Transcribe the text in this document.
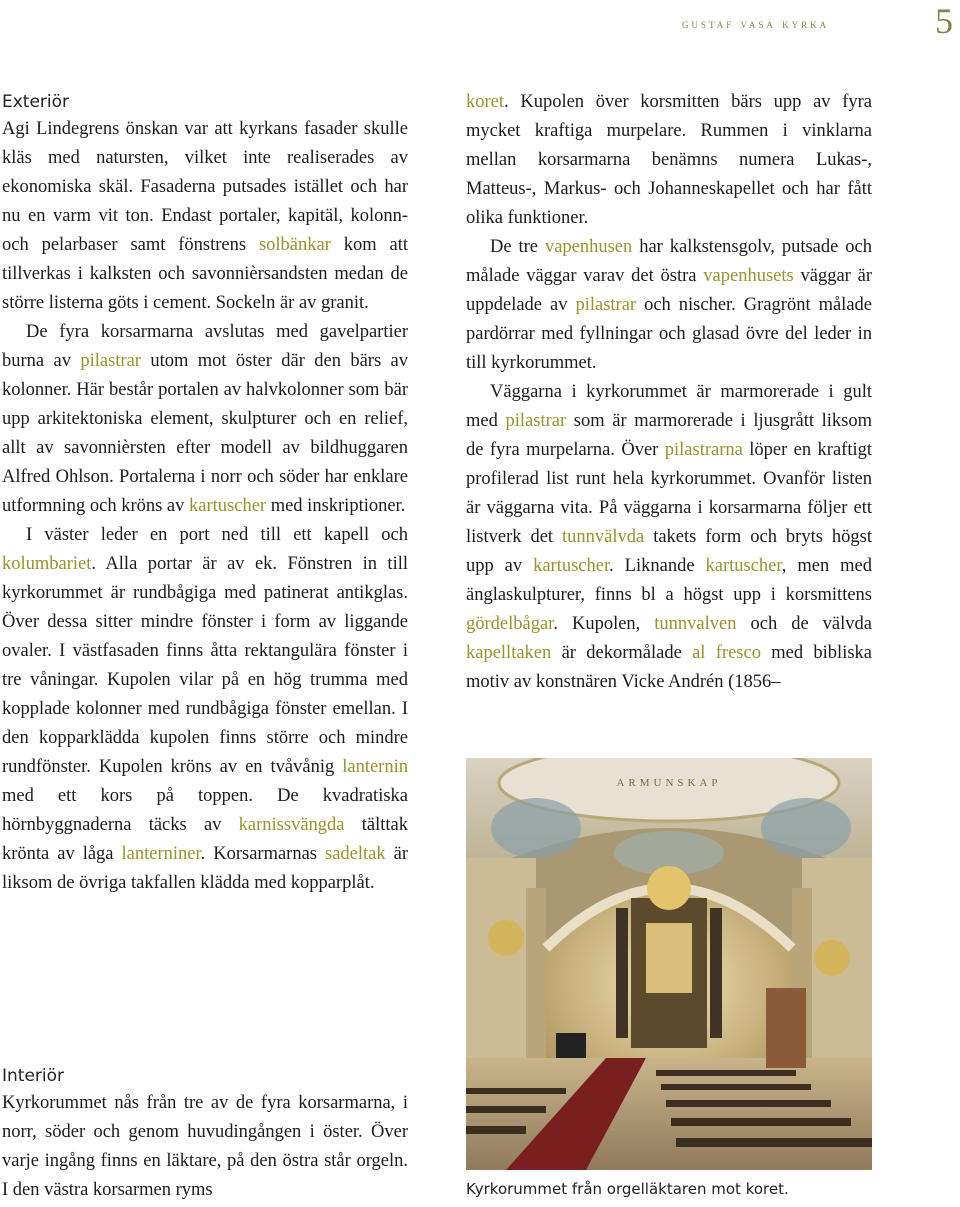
gustaf vasa kyrka	5
Exteriör

Agi Lindegrens önskan var att kyrkans fasader skulle kläs med natursten, vilket inte realiserades av ekonomiska skäl. Fasaderna putsades istället och har nu en varm vit ton. Endast portaler, kapitäl, kolonn- och pelarbaser samt fönstrens solbänkar kom att tillverkas i kalksten och savonnièrsandsten medan de större listerna göts i cement. Sockeln är av granit.

De fyra korsarmarna avslutas med gavelpartier burna av pilastrar utom mot öster där den bärs av kolonner. Här består portalen av halvkolonner som bär upp arkitektoniska element, skulpturer och en relief, allt av savonnièrsten efter modell av bildhuggaren Alfred Ohlson. Portalerna i norr och söder har enklare utformning och kröns av kartuscher med inskriptioner.

I väster leder en port ned till ett kapell och kolumbariet. Alla portar är av ek. Fönstren in till kyrkorummet är rundbågiga med patinerat antikglas. Över dessa sitter mindre fönster i form av liggande ovaler. I västfasaden finns åtta rektangulära fönster i tre våningar. Kupolen vilar på en hög trumma med kopplade kolonner med rundbågiga fönster emellan. I den kopparklädda kupolen finns större och mindre rundfönster. Kupolen kröns av en tvåvånig lanternin med ett kors på toppen. De kvadratiska hörnbyggnaderna täcks av karnissvängda tälttak krönta av låga lanterniner. Korsarmarnas sadeltak är liksom de övriga takfallen klädda med kopparplåt.

Interiör

Kyrkorummet nås från tre av de fyra korsarmarna, i norr, söder och genom huvudingången i öster. Över varje ingång finns en läktare, på den östra står orgeln. I den västra korsarmen ryms

koret. Kupolen över korsmitten bärs upp av fyra mycket kraftiga murpelare. Rummen i vinklarna mellan korsarmarna benämns numera Lukas-, Matteus-, Markus- och Johanneskapellet och har fått olika funktioner.

De tre vapenhusen har kalkstensgolv, putsade och målade väggar varav det östra vapenhusets väggar är uppdelade av pilastrar och nischer. Gragrönt målade pardörrar med fyllningar och glasad övre del leder in till kyrkorummet.

Väggarna i kyrkorummet är marmorerade i gult med pilastrar som är marmorerade i ljusgrått liksom de fyra murpelarna. Över pilastrarna löper en kraftigt profilerad list runt hela kyrkorummet. Ovanför listen är väggarna vita. På väggarna i korsarmarna följer ett listverk det tunnvälvda takets form och bryts högst upp av kartuscher. Liknande kartuscher, men med änglaskulpturer, finns bl a högst upp i korsmittens gördelbågar. Kupolen, tunnvalven och de välvda kapelltaken är dekormålade al fresco med bibliska motiv av konstnären Vicke Andrén (1856–

ARMUNSKAP
Kyrkorummet från orgelläktaren mot koret.
